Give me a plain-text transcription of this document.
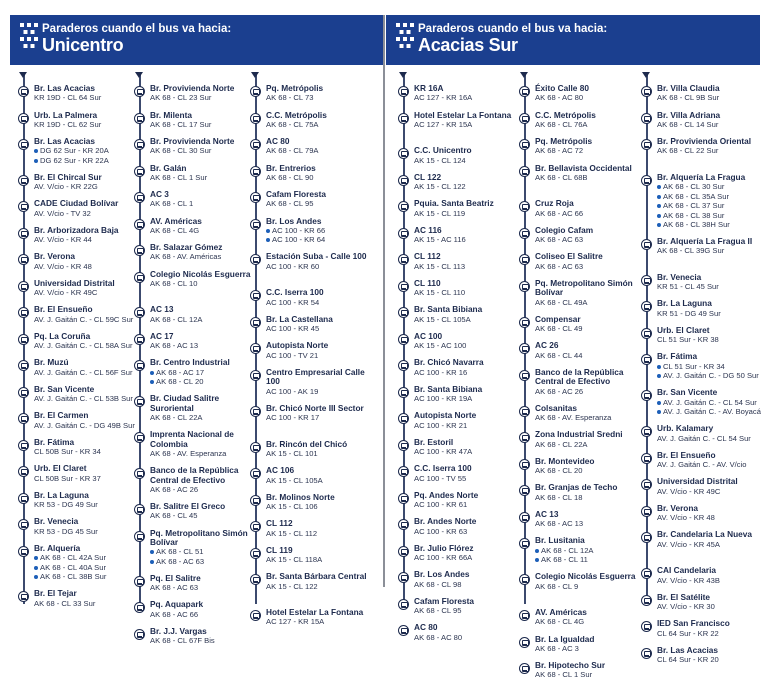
Paraderos cuando el bus va hacia:
Unicentro
Br. Las Acacias
KR 19D - CL 64 Sur
Urb. La Palmera
KR 19D - CL 62 Sur
Br. Las Acacias
DG 62 Sur - KR 20A
DG 62 Sur - KR 22A
Br. El Chircal Sur
AV. V/cio - KR 22G
CADE Ciudad Bolívar
AV. V/cio - TV 32
Br. Arborizadora Baja
AV. V/cio - KR 44
Br. Verona
AV. V/cio - KR 48
Universidad Distrital
AV. V/cio - KR 49C
Br. El Ensueño
AV. J. Gaitán C. - CL 59C Sur
Pq. La Coruña
AV. J. Gaitán C. - CL 58A Sur
Br. Muzú
AV. J. Gaitán C. - CL 56F Sur
Br. San Vicente
AV. J. Gaitán C. - CL 53B Sur
Br. El Carmen
AV. J. Gaitán C. - DG 49B Sur
Br. Fátima
CL 50B Sur - KR 34
Urb. El Claret
CL 50B Sur - KR 37
Br. La Laguna
KR 53 - DG 49 Sur
Br. Venecia
KR 53 - DG 45 Sur
Br. Alquería
AK 68 - CL 42A Sur
AK 68 - CL 40A Sur
AK 68 - CL 38B Sur
Br. El Tejar
AK 68 - CL 33 Sur
Br. Provivienda Norte
AK 68 - CL 23 Sur
Br. Milenta
AK 68 - CL 17 Sur
Br. Provivienda Norte
AK 68 - CL 30 Sur
Br. Galán
AK 68 - CL 1 Sur
AC 3
AK 68 - CL 1
AV. Américas
AK 68 - CL 4G
Br. Salazar Gómez
AK 68 - AV. Américas
Colegio Nicolás Esguerra
AK 68 - CL 10
AC 13
AK 68 - CL 12A
AC 17
AK 68 - AC 13
Br. Centro Industrial
AK 68 - AC 17
AK 68 - CL 20
Br. Ciudad Salitre Suroriental
AK 68 - CL 22A
Imprenta Nacional de Colombia
AK 68 - AV. Esperanza
Banco de la República Central de Efectivo
AK 68 - AC 26
Br. Salitre El Greco
AK 68 - CL 45
Pq. Metropolitano Simón Bolívar
AK 68 - CL 51
AK 68 - AC 63
Pq. El Salitre
AK 68 - AC 63
Pq. Aquapark
AK 68 - AC 66
Br. J.J. Vargas
AK 68 - CL 67F Bis
Pq. Metrópolis
AK 68 - CL 73
C.C. Metrópolis
AK 68 - CL 75A
AC 80
AK 68 - CL 79A
Br. Entrerios
AK 68 - CL 90
Cafam Floresta
AK 68 - CL 95
Br. Los Andes
AC 100 - KR 66
AC 100 - KR 64
Estación Suba - Calle 100
AC 100 - KR 60
C.C. Iserra 100
AC 100 - KR 54
Br. La Castellana
AC 100 - KR 45
Autopista Norte
AC 100 - TV 21
Centro Empresarial Calle 100
AC 100 - AK 19
Br. Chicó Norte III Sector
AC 100 - KR 17
Br. Rincón del Chicó
AK 15 - CL 101
AC 106
AK 15 - CL 105A
Br. Molinos Norte
AK 15 - CL 106
CL 112
AK 15 - CL 112
CL 119
AK 15 - CL 118A
Br. Santa Bárbara Central
AK 15 - CL 122
Hotel Estelar La Fontana
AC 127 - KR 15A
Paraderos cuando el bus va hacia:
Acacias Sur
KR 16A
AC 127 - KR 16A
Hotel Estelar La Fontana
AC 127 - KR 15A
C.C. Unicentro
AK 15 - CL 124
CL 122
AK 15 - CL 122
Pquia. Santa Beatriz
AK 15 - CL 119
AC 116
AK 15 - AC 116
CL 112
AK 15 - CL 113
CL 110
AK 15 - CL 110
Br. Santa Bibiana
AK 15 - CL 105A
AC 100
AK 15 - AC 100
Br. Chicó Navarra
AC 100 - KR 16
Br. Santa Bibiana
AC 100 - KR 19A
Autopista Norte
AC 100 - KR 21
Br. Estoril
AC 100 - KR 47A
C.C. Iserra 100
AC 100 - TV 55
Pq. Andes Norte
AC 100 - KR 61
Br. Andes Norte
AC 100 - KR 63
Br. Julio Flórez
AC 100 - KR 66A
Br. Los Andes
AK 68 - CL 98
Cafam Floresta
AK 68 - CL 95
AC 80
AK 68 - AC 80
Éxito Calle 80
AK 68 - AC 80
C.C. Metrópolis
AK 68 - CL 76A
Pq. Metrópolis
AK 68 - AC 72
Br. Bellavista Occidental
AK 68 - CL 68B
Cruz Roja
AK 68 - AC 66
Colegio Cafam
AK 68 - AC 63
Coliseo El Salitre
AK 68 - AC 63
Pq. Metropolitano Simón Bolívar
AK 68 - CL 49A
Compensar
AK 68 - CL 49
AC 26
AK 68 - CL 44
Banco de la República Central de Efectivo
AK 68 - AC 26
Colsanitas
AK 68 - AV. Esperanza
Zona Industrial Sredni
AK 68 - CL 22A
Br. Montevideo
AK 68 - CL 20
Br. Granjas de Techo
AK 68 - CL 18
AC 13
AK 68 - AC 13
Br. Lusitania
AK 68 - CL 12A
AK 68 - CL 11
Colegio Nicolás Esguerra
AK 68 - CL 9
AV. Américas
AK 68 - CL 4G
Br. La Igualdad
AK 68 - AC 3
Br. Hipotecho Sur
AK 68 - CL 1 Sur
Br. Villa Claudia
AK 68 - CL 9B Sur
Br. Villa Adriana
AK 68 - CL 14 Sur
Br. Provivienda Oriental
AK 68 - CL 22 Sur
Br. Alquería La Fragua
AK 68 - CL 30 Sur
AK 68 - CL 35A Sur
AK 68 - CL 37 Sur
AK 68 - CL 38 Sur
AK 68 - CL 38H Sur
Br. Alquería La Fragua II
AK 68 - CL 39G Sur
Br. Venecia
KR 51 - CL 45 Sur
Br. La Laguna
KR 51 - DG 49 Sur
Urb. El Claret
CL 51 Sur - KR 38
Br. Fátima
CL 51 Sur - KR 34
AV. J. Gaitán C. - DG 50 Sur
Br. San Vicente
AV. J. Gaitán C. - CL 54 Sur
AV. J. Gaitán C. - AV. Boyacá
Urb. Kalamary
AV. J. Gaitán C. - CL 54 Sur
Br. El Ensueño
AV. J. Gaitán C. - AV. V/cio
Universidad Distrital
AV. V/cio - KR 49C
Br. Verona
AV. V/cio - KR 48
Br. Candelaria La Nueva
AV. V/cio - KR 45A
CAI Candelaria
AV. V/cio - KR 43B
Br. El Satélite
AV. V/cio - KR 30
IED San Francisco
CL 64 Sur - KR 22
Br. Las Acacias
CL 64 Sur - KR 20
